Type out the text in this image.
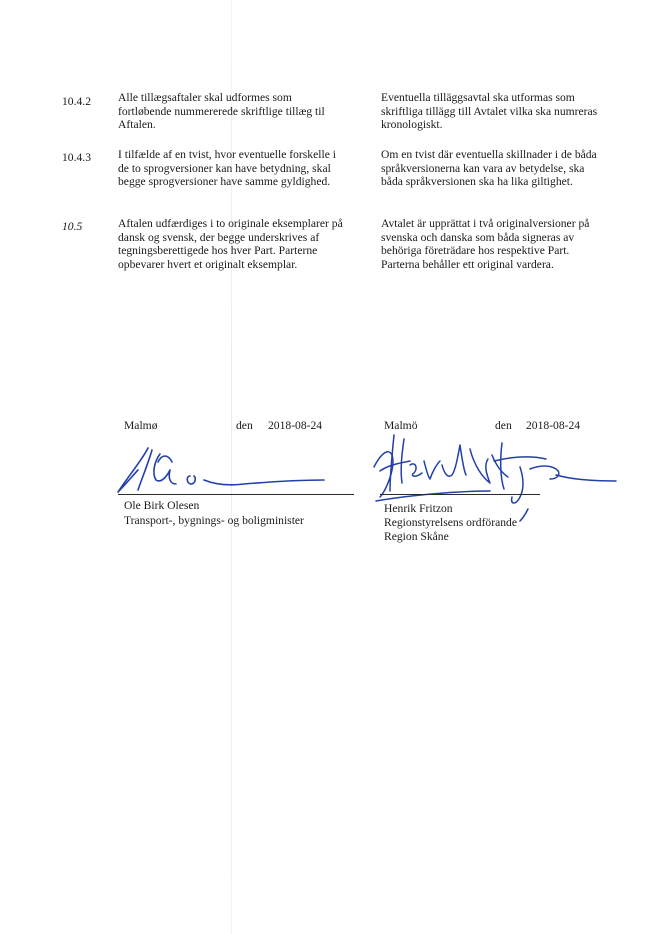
10.4.2	Alle tillægsaftaler skal udformes som fortløbende nummererede skriftlige tillæg til Aftalen.
Eventuella tilläggsavtal ska utformas som skriftliga tillägg till Avtalet vilka ska numreras kronologiskt.
10.4.3	I tilfælde af en tvist, hvor eventuelle forskelle i de to sprogversioner kan have betydning, skal begge sprogversioner have samme gyldighed.
Om en tvist där eventuella skillnader i de båda språkversionerna kan vara av betydelse, ska båda språkversionen ska ha lika giltighet.
10.5	Aftalen udfærdiges i to originale eksemplarer på dansk og svensk, der begge underskrives af tegningsberettigede hos hver Part. Parterne opbevarer hvert et originalt eksemplar.
Avtalet är upprättat i två originalversioner på svenska och danska som båda signeras av behöriga företrädare hos respektive Part. Parterna behåller ett original vardera.
Malmø	den 2018-08-24
Ole Birk Olesen
Transport-, bygnings- og boligminister
Malmö	den 2018-08-24
Henrik Fritzon
Regionstyrelsens ordförande
Region Skåne
